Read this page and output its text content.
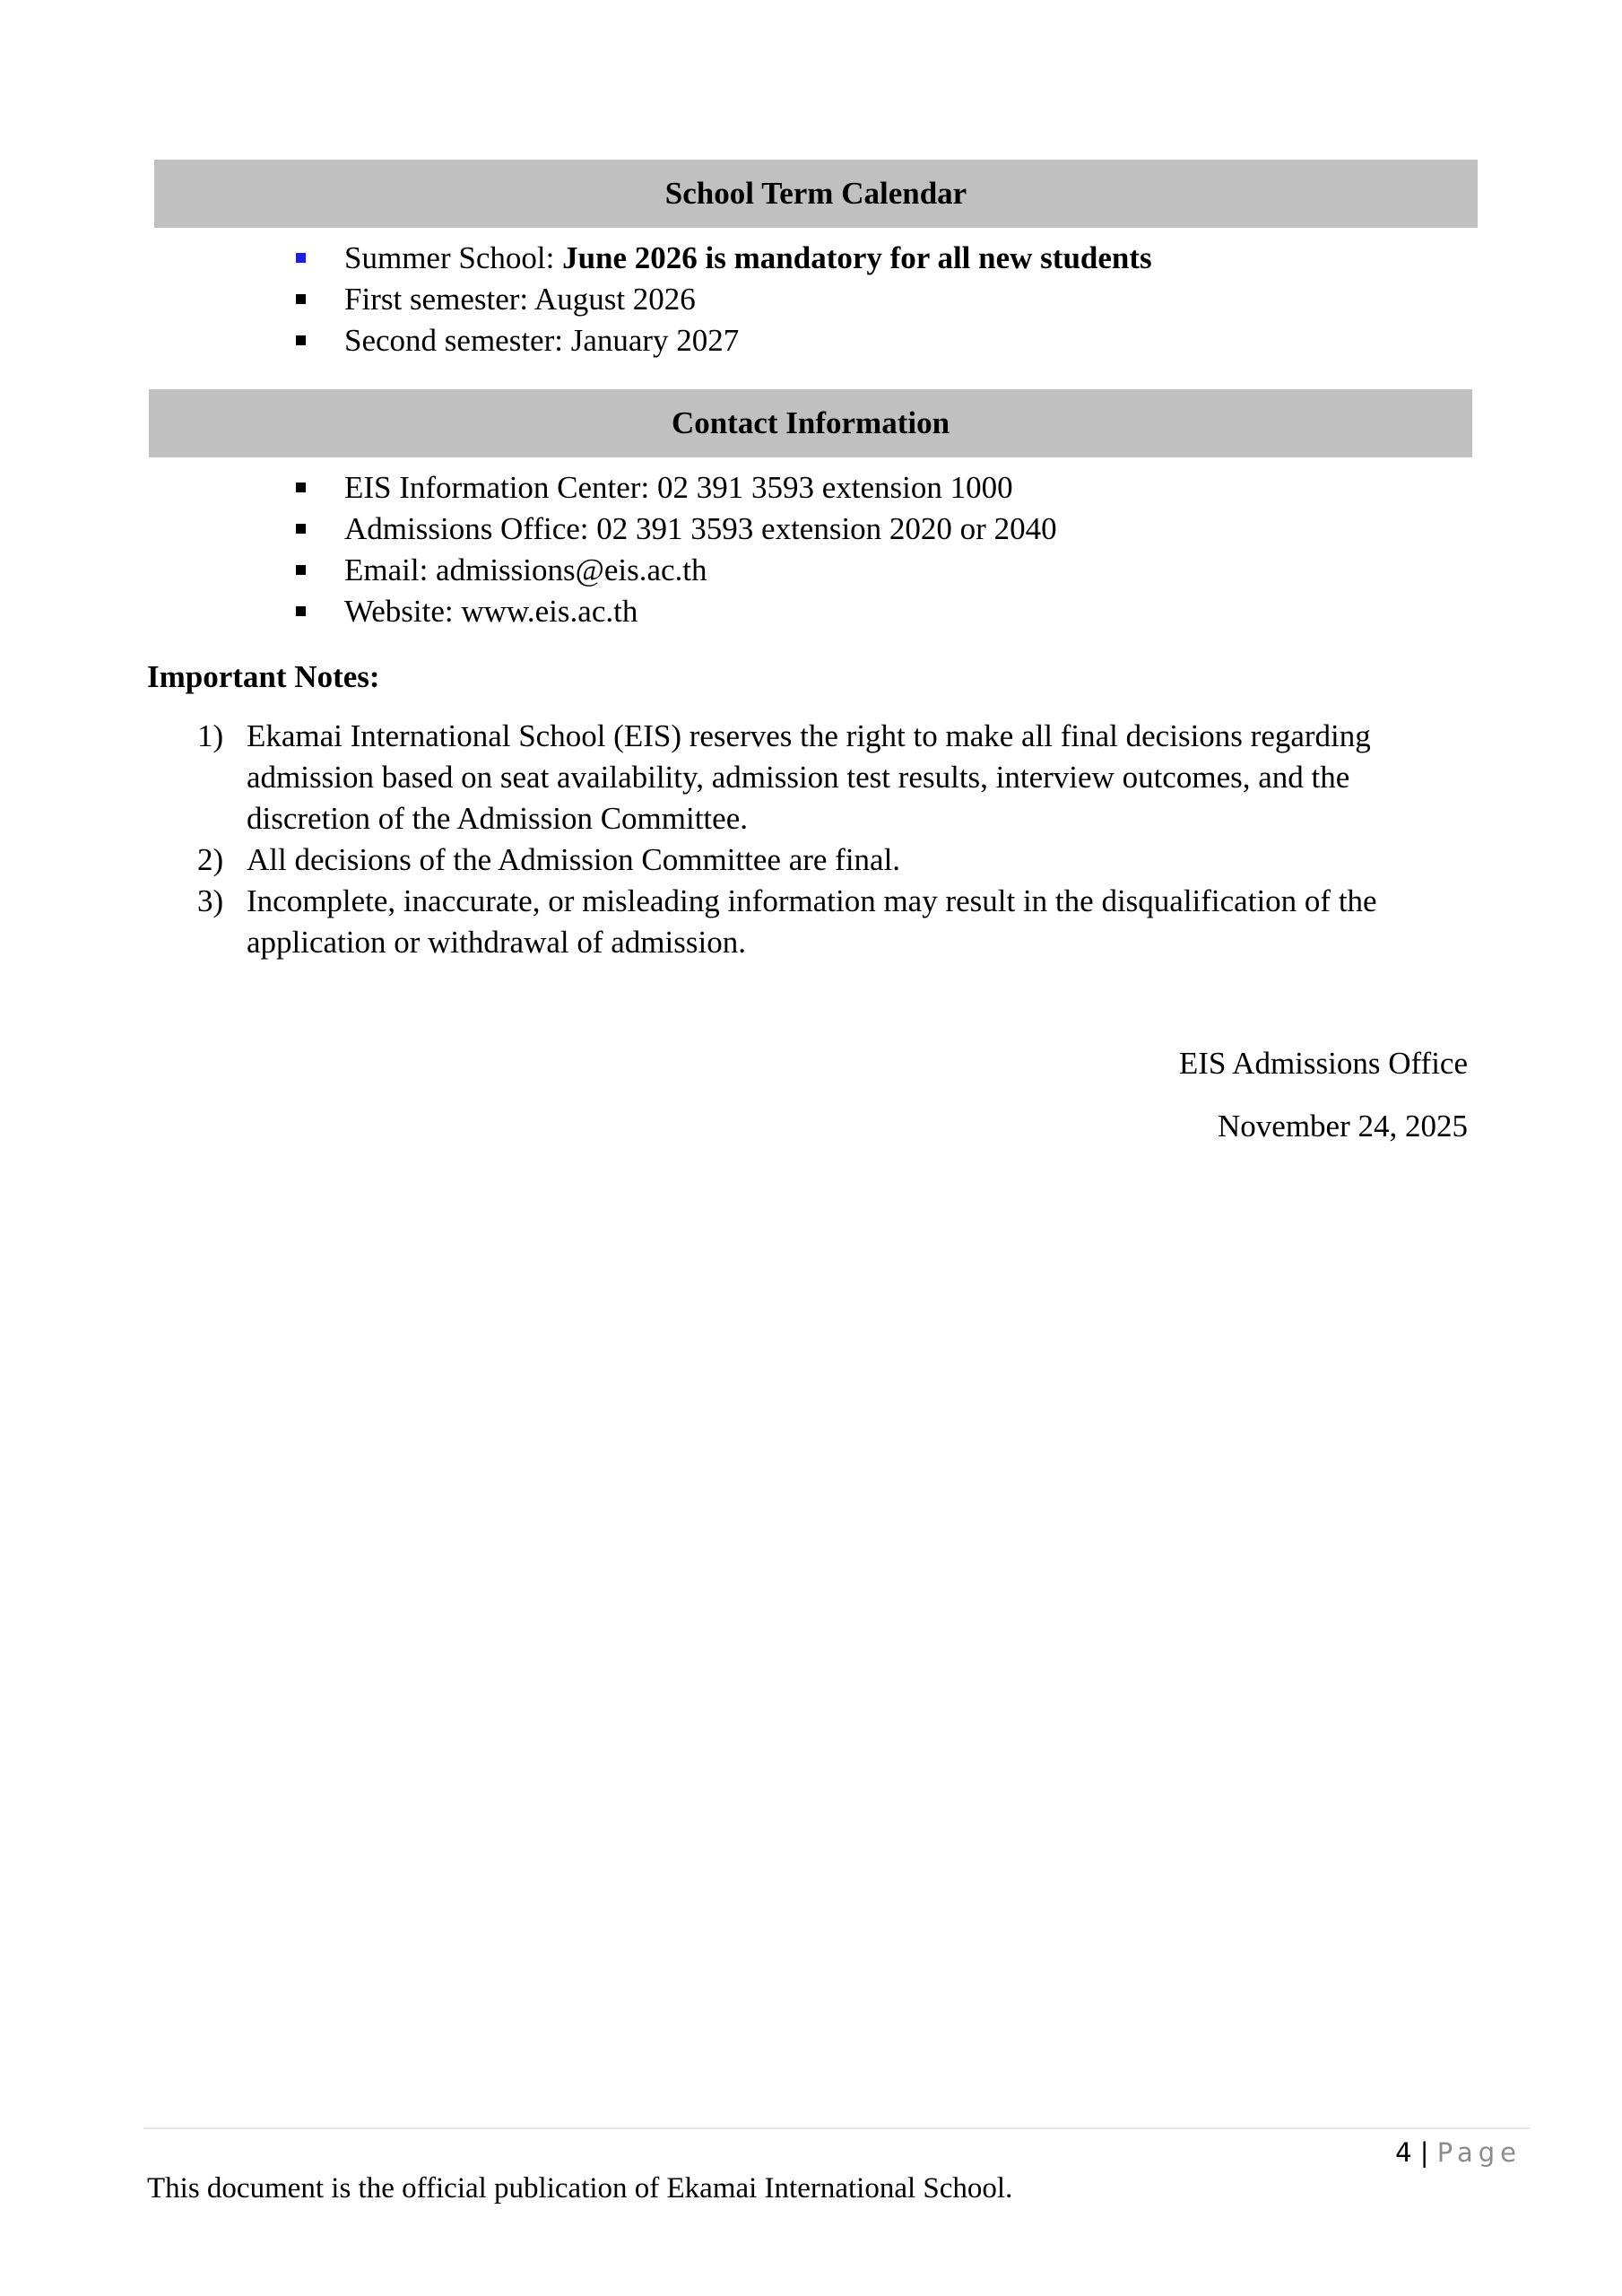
School Term Calendar
Summer School: June 2026 is mandatory for all new students
First semester: August 2026
Second semester: January 2027
Contact Information
EIS Information Center: 02 391 3593 extension 1000
Admissions Office: 02 391 3593 extension 2020 or 2040
Email: admissions@eis.ac.th
Website: www.eis.ac.th
Important Notes:
1) Ekamai International School (EIS) reserves the right to make all final decisions regarding admission based on seat availability, admission test results, interview outcomes, and the discretion of the Admission Committee.
2) All decisions of the Admission Committee are final.
3) Incomplete, inaccurate, or misleading information may result in the disqualification of the application or withdrawal of admission.
EIS Admissions Office
November 24, 2025
4 | Page
This document is the official publication of Ekamai International School.
